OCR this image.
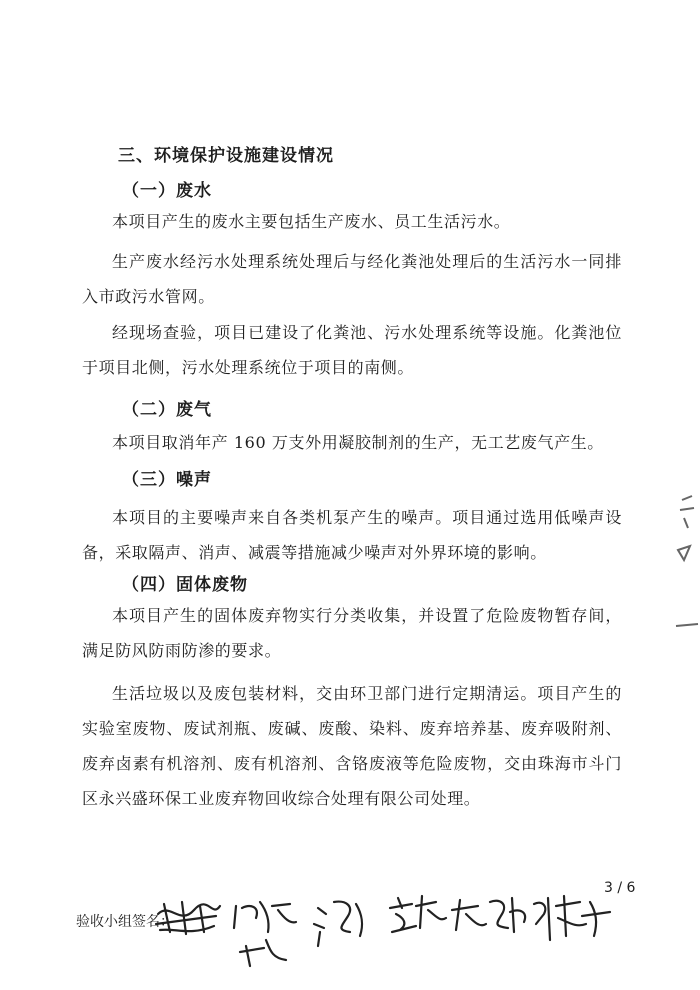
三、环境保护设施建设情况
（一）废水
本项目产生的废水主要包括生产废水、员工生活污水。
生产废水经污水处理系统处理后与经化粪池处理后的生活污水一同排入市政污水管网。
经现场查验，项目已建设了化粪池、污水处理系统等设施。化粪池位于项目北侧，污水处理系统位于项目的南侧。
（二）废气
本项目取消年产 160 万支外用凝胶制剂的生产，无工艺废气产生。
（三）噪声
本项目的主要噪声来自各类机泵产生的噪声。项目通过选用低噪声设备，采取隔声、消声、减震等措施减少噪声对外界环境的影响。
（四）固体废物
本项目产生的固体废弃物实行分类收集，并设置了危险废物暂存间，满足防风防雨防渗的要求。
生活垃圾以及废包装材料，交由环卫部门进行定期清运。项目产生的实验室废物、废试剂瓶、废碱、废酸、染料、废弃培养基、废弃吸附剂、废弃卤素有机溶剂、废有机溶剂、含铬废液等危险废物，交由珠海市斗门区永兴盛环保工业废弃物回收综合处理有限公司处理。
3 / 6
验收小组签名：
